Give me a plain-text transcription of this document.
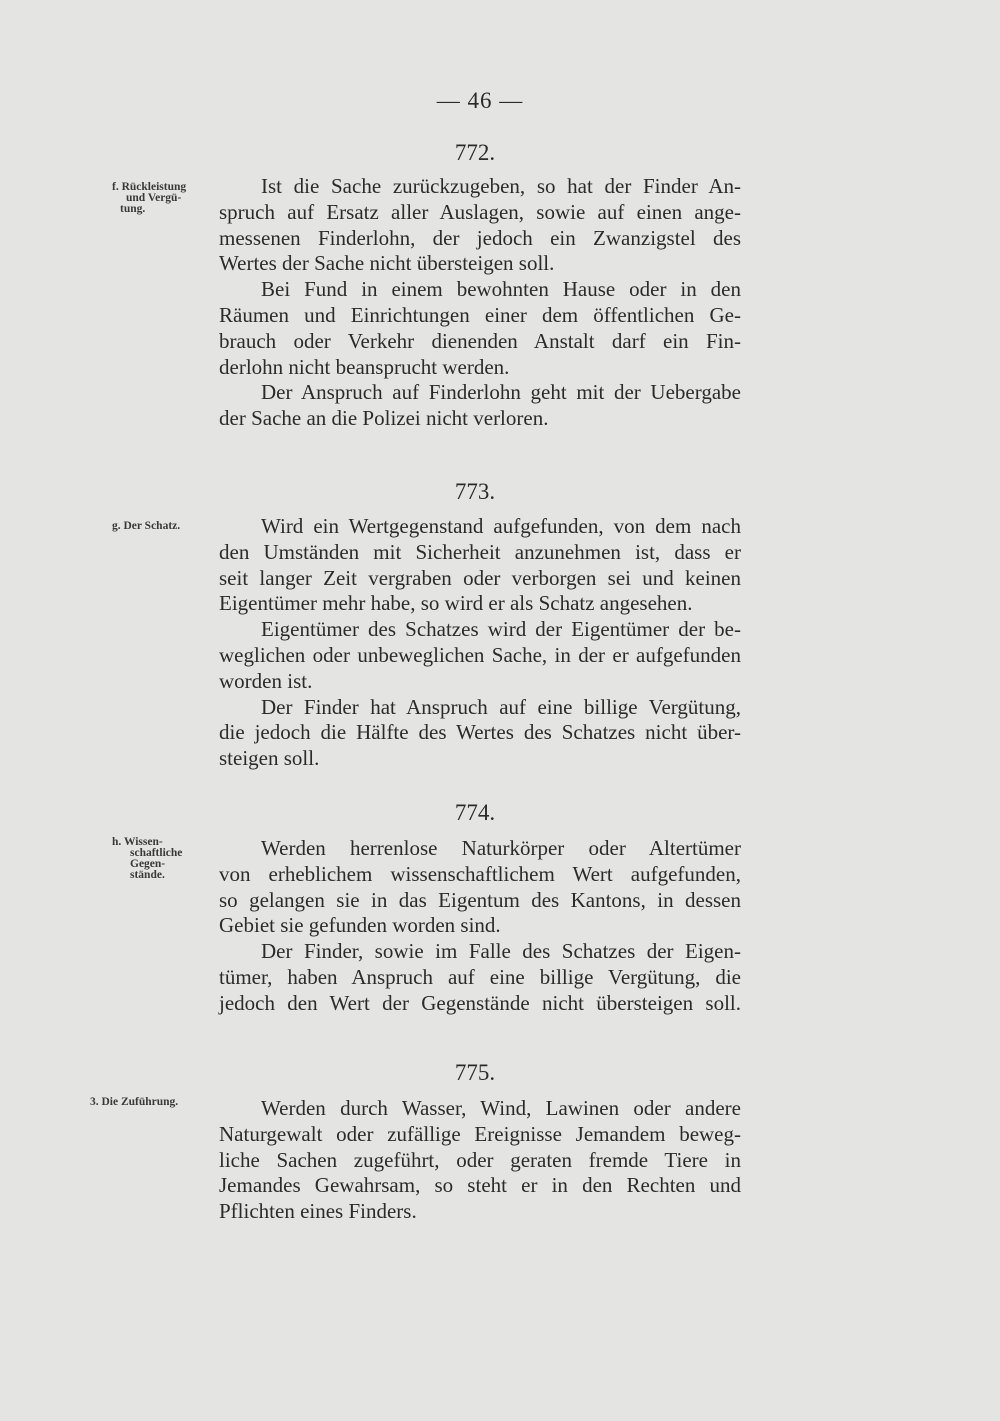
— 46 —
772.
f. Rückleistung
und Vergü-
tung.

Ist die Sache zurückzugeben, so hat der Finder An-
spruch auf Ersatz aller Auslagen, sowie auf einen ange-
messenen Finderlohn, der jedoch ein Zwanzigstel des
Wertes der Sache nicht übersteigen soll.

Bei Fund in einem bewohnten Hause oder in den
Räumen und Einrichtungen einer dem öffentlichen Ge-
brauch oder Verkehr dienenden Anstalt darf ein Fin-
derlohn nicht beansprucht werden.

Der Anspruch auf Finderlohn geht mit der Uebergabe
der Sache an die Polizei nicht verloren.

773.
g. Der Schatz.	Wird ein Wertgegenstand aufgefunden, von dem nach
den Umständen mit Sicherheit anzunehmen ist, dass er
seit langer Zeit vergraben oder verborgen sei und keinen
Eigentümer mehr habe, so wird er als Schatz angesehen.

Eigentümer des Schatzes wird der Eigentümer der be-
weglichen oder unbeweglichen Sache, in der er aufgefunden
worden ist.

Der Finder hat Anspruch auf eine billige Vergütung,
die jedoch die Hälfte des Wertes des Schatzes nicht über-
steigen soll.

774.
h. Wissen-
schaftliche
Gegen-
stände.

Werden herrenlose Naturkörper oder Altertümer
von erheblichem wissenschaftlichem Wert aufgefunden,
so gelangen sie in das Eigentum des Kantons, in dessen
Gebiet sie gefunden worden sind.

Der Finder, sowie im Falle des Schatzes der Eigen-
tümer, haben Anspruch auf eine billige Vergütung, die
jedoch den Wert der Gegenstände nicht übersteigen soll.

775.
3. Die Zuführung.	Werden durch Wasser, Wind, Lawinen oder andere
Naturgewalt oder zufällige Ereignisse Jemandem beweg-
liche Sachen zugeführt, oder geraten fremde Tiere in
Jemandes Gewahrsam, so steht er in den Rechten und
Pflichten eines Finders.
